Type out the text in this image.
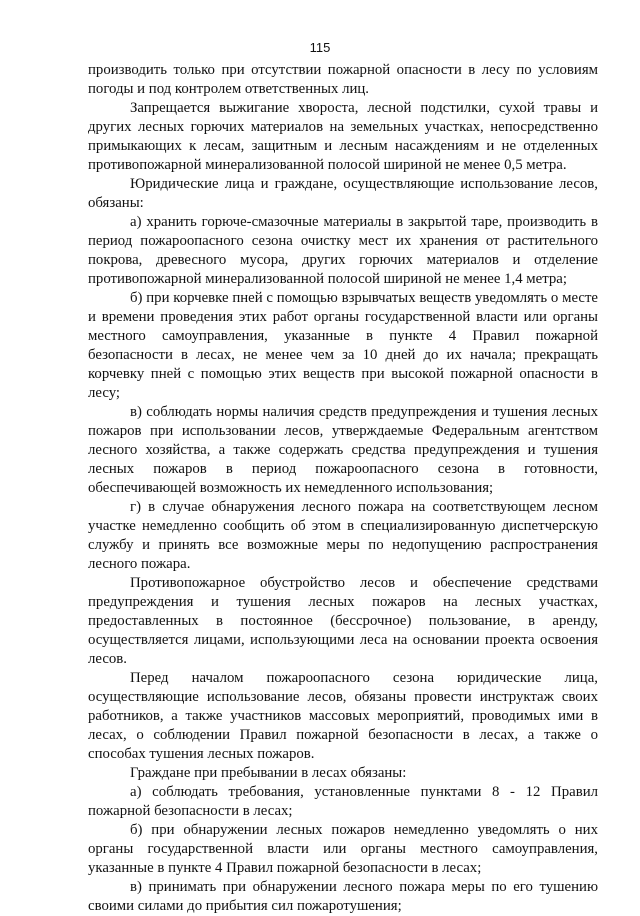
115

производить только при отсутствии пожарной опасности в лесу по условиям погоды и под контролем ответственных лиц.

Запрещается выжигание хвороста, лесной подстилки, сухой травы и других лесных горючих материалов на земельных участках, непосредственно примыкающих к лесам, защитным и лесным насаждениям и не отделенных противопожарной минерализованной полосой шириной не менее 0,5 метра.

Юридические лица и граждане, осуществляющие использование лесов, обязаны:

а) хранить горюче-смазочные материалы в закрытой таре, производить в период пожароопасного сезона очистку мест их хранения от растительного покрова, древесного мусора, других горючих материалов и отделение противопожарной минерализованной полосой шириной не менее 1,4 метра;

б) при корчевке пней с помощью взрывчатых веществ уведомлять о месте и времени проведения этих работ органы государственной власти или органы местного самоуправления, указанные в пункте 4 Правил пожарной безопасности в лесах, не менее чем за 10 дней до их начала; прекращать корчевку пней с помощью этих веществ при высокой пожарной опасности в лесу;

в) соблюдать нормы наличия средств предупреждения и тушения лесных пожаров при использовании лесов, утверждаемые Федеральным агентством лесного хозяйства, а также содержать средства предупреждения и тушения лесных пожаров в период пожароопасного сезона в готовности, обеспечивающей возможность их немедленного использования;

г) в случае обнаружения лесного пожара на соответствующем лесном участке немедленно сообщить об этом в специализированную диспетчерскую службу и принять все возможные меры по недопущению распространения лесного пожара.

Противопожарное обустройство лесов и обеспечение средствами предупреждения и тушения лесных пожаров на лесных участках, предоставленных в постоянное (бессрочное) пользование, в аренду, осуществляется лицами, использующими леса на основании проекта освоения лесов.

Перед началом пожароопасного сезона юридические лица, осуществляющие использование лесов, обязаны провести инструктаж своих работников, а также участников массовых мероприятий, проводимых ими в лесах, о соблюдении Правил пожарной безопасности в лесах, а также о способах тушения лесных пожаров.

Граждане при пребывании в лесах обязаны:

а) соблюдать требования, установленные пунктами 8 - 12 Правил пожарной безопасности в лесах;

б) при обнаружении лесных пожаров немедленно уведомлять о них органы государственной власти или органы местного самоуправления, указанные в пункте 4 Правил пожарной безопасности в лесах;

в) принимать при обнаружении лесного пожара меры по его тушению своими силами до прибытия сил пожаротушения;
